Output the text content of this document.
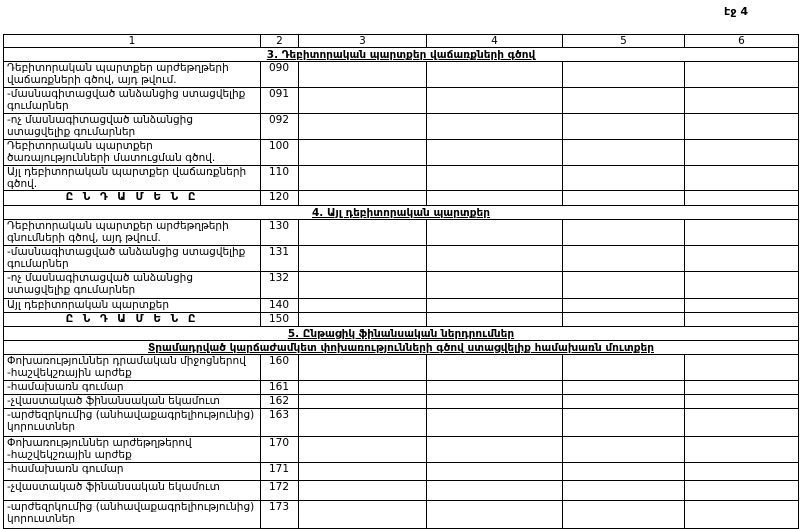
էջ 4
1	2	3	4	5	6
3. Դեբիտորական պարտքեր վաճառքների գծով					
Դեբիտորական պարտքեր արժեթղթերի վաճառքների գծով, այդ թվում.	090				
-մասնագիտացված անձանցից ստացվելիք գումարներ	091				
-ոչ մասնագիտացված անձանցից ստացվելիք գումարներ	092				
Դեբիտորական պարտքեր ծառայությունների մատուցման գծով.	100				
Այլ դեբիտորական պարտքեր վաճառքների գծով.	110				
Ը Ն Դ Ա Մ Ե Ն Ը	120				
4. Այլ դեբիտորական պարտքեր					
Դեբիտորական պարտքեր արժեթղթերի գնումների գծով, այդ թվում.	130				
-մասնագիտացված անձանցից ստացվելիք գումարներ	131				
-ոչ մասնագիտացված անձանցից ստացվելիք գումարներ	132				
Այլ դեբիտորական պարտքեր	140				
Ը Ն Դ Ա Մ Ե Ն Ը	150				
5. Ընթացիկ ֆինանսական ներդրումներ					
Տրամադրված կարճաժամկետ փոխառությունների գծով ստացվելիք համախառն մուտքեր					
Փոխառություններ դրամական միջոցներով -հաշվեկշռային արժեք	160				
-համախառն գումար	161				
-չվաստակած ֆինանսական եկամուտ	162				
-արժեզրկումից (անհավաքագրելիությունից) կորուստներ	163				
Փոխառություններ արժեթղթերով -հաշվեկշռային արժեք	170				
-համախառն գումար	171				
-չվաստակած ֆինանսական եկամուտ	172				
-արժեզրկումից (անհավաքագրելիությունից) կորուստներ	173				
